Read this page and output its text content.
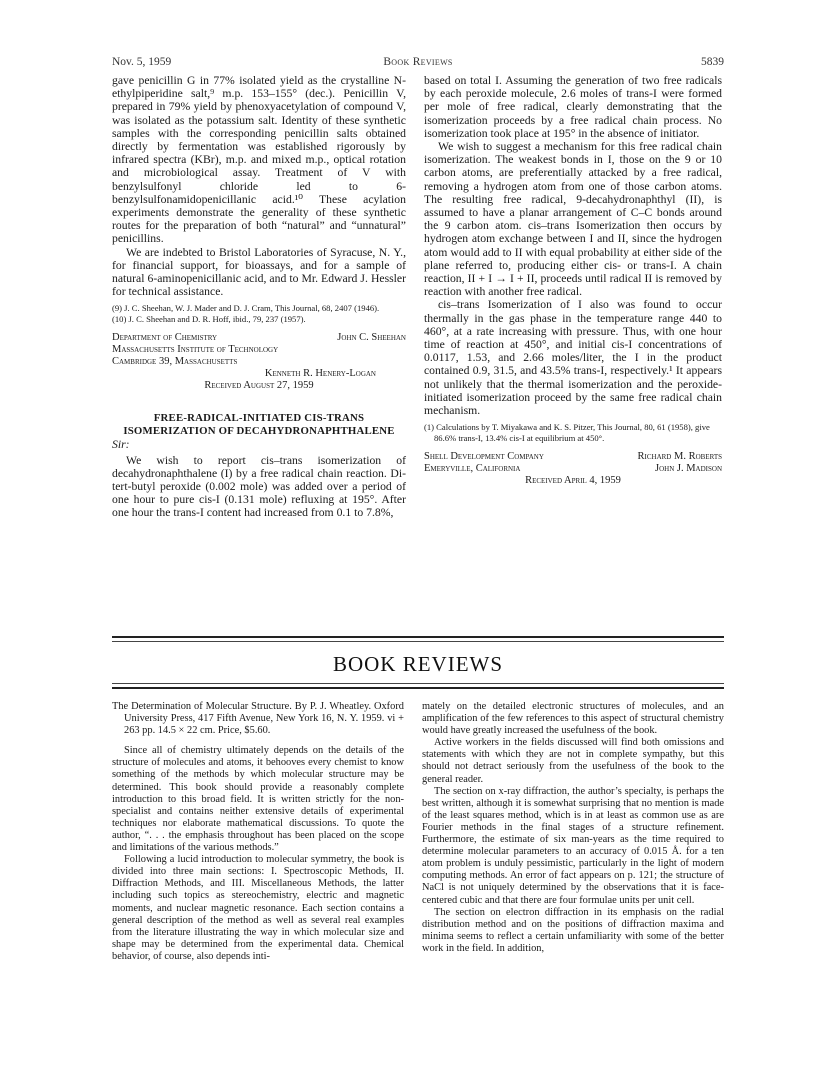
Nov. 5, 1959	Book Reviews	5839

gave penicillin G in 77% isolated yield as the crystalline N-ethylpiperidine salt,⁹ m.p. 153–155° (dec.). Penicillin V, prepared in 79% yield by phenoxyacetylation of compound V, was isolated as the potassium salt. Identity of these synthetic samples with the corresponding penicillin salts obtained directly by fermentation was established rigorously by infrared spectra (KBr), m.p. and mixed m.p., optical rotation and microbiological assay. Treatment of V with benzylsulfonyl chloride led to 6-benzylsulfonamidopenicillanic acid.¹⁰ These acylation experiments demonstrate the generality of these synthetic routes for the preparation of both “natural” and “unnatural” penicillins.

We are indebted to Bristol Laboratories of Syracuse, N. Y., for financial support, for bioassays, and for a sample of natural 6-aminopenicillanic acid, and to Mr. Edward J. Hessler for technical assistance.

(9) J. C. Sheehan, W. J. Mader and D. J. Cram, This Journal, 68, 2407 (1946).

(10) J. C. Sheehan and D. R. Hoff, ibid., 79, 237 (1957).

Department of Chemistry	John C. Sheehan
Massachusetts Institute of Technology
Cambridge 39, Massachusetts
Kenneth R. Henery-Logan
Received August 27, 1959
FREE-RADICAL-INITIATED CIS-TRANS
ISOMERIZATION OF DECAHYDRONAPHTHALENE
Sir:

We wish to report cis–trans isomerization of decahydronaphthalene (I) by a free radical chain reaction. Di-tert-butyl peroxide (0.002 mole) was added over a period of one hour to pure cis-I (0.131 mole) refluxing at 195°. After one hour the trans-I content had increased from 0.1 to 7.8%,

based on total I. Assuming the generation of two free radicals by each peroxide molecule, 2.6 moles of trans-I were formed per mole of free radical, clearly demonstrating that the isomerization proceeds by a free radical chain process. No isomerization took place at 195° in the absence of initiator.

We wish to suggest a mechanism for this free radical chain isomerization. The weakest bonds in I, those on the 9 or 10 carbon atoms, are preferentially attacked by a free radical, removing a hydrogen atom from one of those carbon atoms. The resulting free radical, 9-decahydronaphthyl (II), is assumed to have a planar arrangement of C–C bonds around the 9 carbon atom. cis–trans Isomerization then occurs by hydrogen atom exchange between I and II, since the hydrogen atom would add to II with equal probability at either side of the plane referred to, producing either cis- or trans-I. A chain reaction, II + I → I + II, proceeds until radical II is removed by reaction with another free radical.

cis–trans Isomerization of I also was found to occur thermally in the gas phase in the temperature range 440 to 460°, at a rate increasing with pressure. Thus, with one hour time of reaction at 450°, and initial cis-I concentrations of 0.0117, 1.53, and 2.66 moles/liter, the I in the product contained 0.9, 31.5, and 43.5% trans-I, respectively.¹ It appears not unlikely that the thermal isomerization and the peroxide-initiated isomerization proceed by the same free radical chain mechanism.

(1) Calculations by T. Miyakawa and K. S. Pitzer, This Journal, 80, 61 (1958), give 86.6% trans-I, 13.4% cis-I at equilibrium at 450°.

Shell Development Company	Richard M. Roberts
Emeryville, California	John J. Madison
Received April 4, 1959
BOOK REVIEWS

The Determination of Molecular Structure. By P. J. Wheatley. Oxford University Press, 417 Fifth Avenue, New York 16, N. Y. 1959. vi + 263 pp. 14.5 × 22 cm. Price, $5.60.

Since all of chemistry ultimately depends on the details of the structure of molecules and atoms, it behooves every chemist to know something of the methods by which molecular structure may be determined. This book should provide a reasonably complete introduction to this broad field. It is written strictly for the non-specialist and contains neither extensive details of experimental techniques nor elaborate mathematical discussions. To quote the author, “. . . the emphasis throughout has been placed on the scope and limitations of the various methods.”

Following a lucid introduction to molecular symmetry, the book is divided into three main sections: I. Spectroscopic Methods, II. Diffraction Methods, and III. Miscellaneous Methods, the latter including such topics as stereochemistry, electric and magnetic moments, and nuclear magnetic resonance. Each section contains a general description of the method as well as several real examples from the literature illustrating the way in which molecular size and shape may be determined from the experimental data. Chemical behavior, of course, also depends inti-

mately on the detailed electronic structures of molecules, and an amplification of the few references to this aspect of structural chemistry would have greatly increased the usefulness of the book.

Active workers in the fields discussed will find both omissions and statements with which they are not in complete sympathy, but this should not detract seriously from the usefulness of the book to the general reader.

The section on x-ray diffraction, the author’s specialty, is perhaps the best written, although it is somewhat surprising that no mention is made of the least squares method, which is in at least as common use as are Fourier methods in the final stages of a structure refinement. Furthermore, the estimate of six man-years as the time required to determine molecular parameters to an accuracy of 0.015 Å. for a ten atom problem is unduly pessimistic, particularly in the light of modern computing methods. An error of fact appears on p. 121; the structure of NaCl is not uniquely determined by the observations that it is face-centered cubic and that there are four formulae units per unit cell.

The section on electron diffraction in its emphasis on the radial distribution method and on the positions of diffraction maxima and minima seems to reflect a certain unfamiliarity with some of the better work in the field. In addition,
